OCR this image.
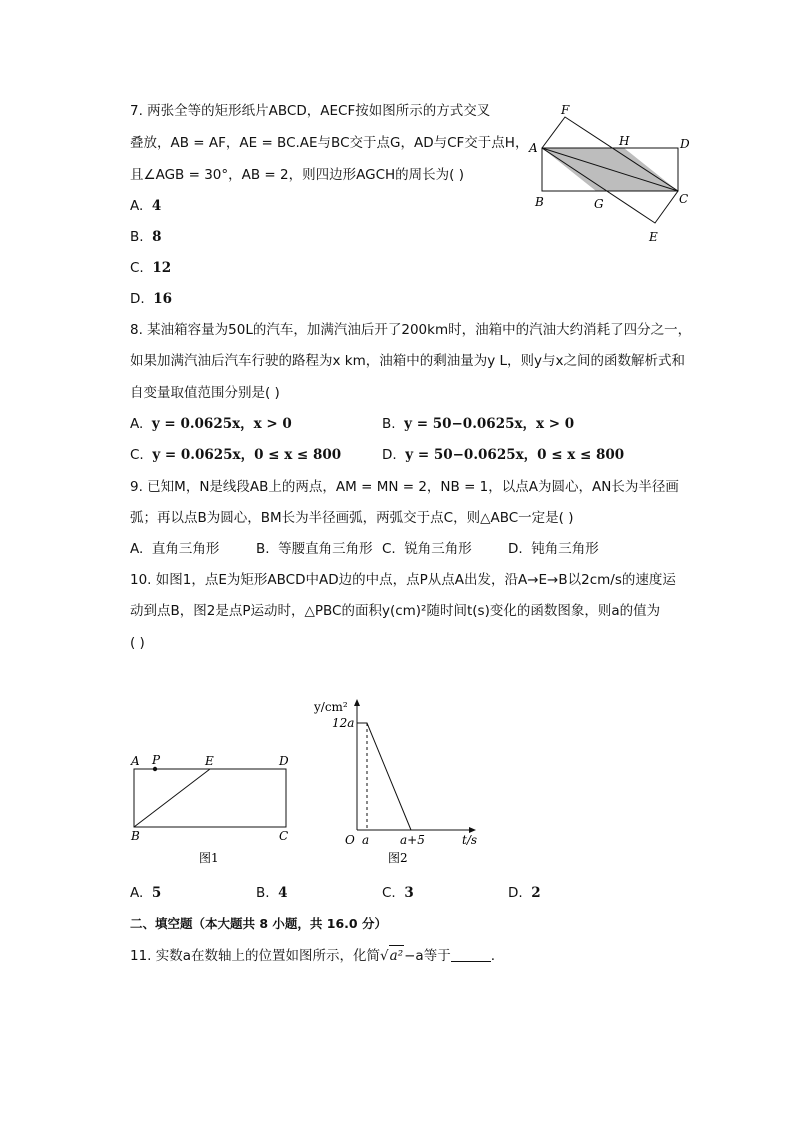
7. 两张全等的矩形纸片ABCD，AECF按如图所示的方式交叉
叠放，AB = AF，AE = BC.AE与BC交于点G，AD与CF交于点H，
且∠AGB = 30°，AB = 2，则四边形AGCH的周长为( )
A. 4
B. 8
C. 12
D. 16
F
A	H	D
B	G	C
E
8. 某油箱容量为50L的汽车，加满汽油后开了200km时，油箱中的汽油大约消耗了四分之一，
如果加满汽油后汽车行驶的路程为x km，油箱中的剩油量为y L，则y与x之间的函数解析式和
自变量取值范围分别是( )
A. y = 0.0625x，x > 0	B. y = 50−0.0625x，x > 0
C. y = 0.0625x，0 ≤ x ≤ 800	D. y = 50−0.0625x，0 ≤ x ≤ 800
9. 已知M，N是线段AB上的两点，AM = MN = 2，NB = 1，以点A为圆心，AN长为半径画
弧；再以点B为圆心，BM长为半径画弧，两弧交于点C，则△ABC一定是( )
A. 直角三角形	B. 等腰直角三角形 C. 锐角三角形	D. 钝角三角形
10. 如图1，点E为矩形ABCD中AD边的中点，点P从点A出发，沿A→E→B以2cm/s的速度运
动到点B，图2是点P运动时，△PBC的面积y(cm)²随时间t(s)变化的函数图象，则a的值为
( )
A P	E	D
B	C
图1
y/cm²
12a
O a	a+5	t/s
图2
A. 5	B. 4	C. 3	D. 2
二、填空题（本大题共 8 小题，共 16.0 分）
11. 实数a在数轴上的位置如图所示，化简√a²−a等于	.
